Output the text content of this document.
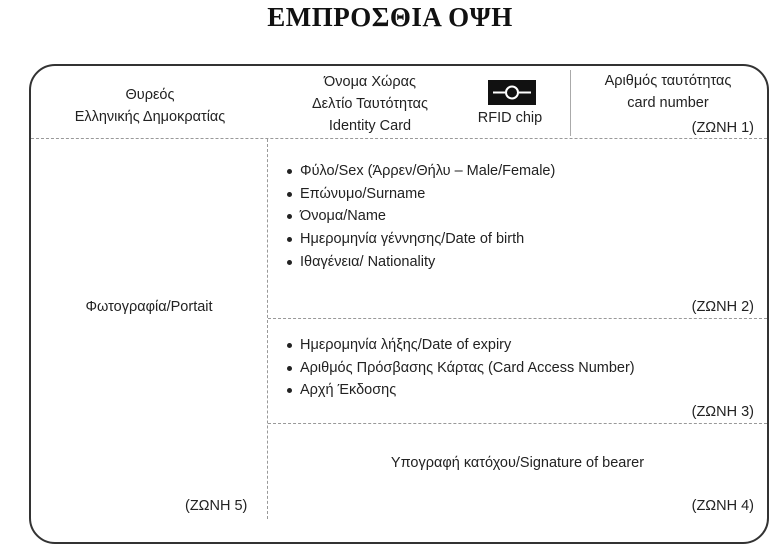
ΕΜΠΡΟΣΘΙΑ ΟΨΗ
Θυρεός
Ελληνικής Δημοκρατίας
Όνομα Χώρας
Δελτίο Ταυτότητας
Identity Card	RFID chip
Αριθμός ταυτότητας
card number
(ΖΩΝΗ 1)
Φωτογραφία/Portait
(ΖΩΝΗ 5)
Φύλο/Sex (Άρρεν/Θήλυ – Male/Female)
Επώνυμο/Surname
Όνομα/Name
Ημερομηνία γέννησης/Date of birth
Ιθαγένεια/ Nationality
(ΖΩΝΗ 2)
Ημερομηνία λήξης/Date of expiry
Αριθμός Πρόσβασης Κάρτας (Card Access Number)
Αρχή Έκδοσης
(ΖΩΝΗ 3)
Υπογραφή κατόχου/Signature of bearer
(ΖΩΝΗ 4)
